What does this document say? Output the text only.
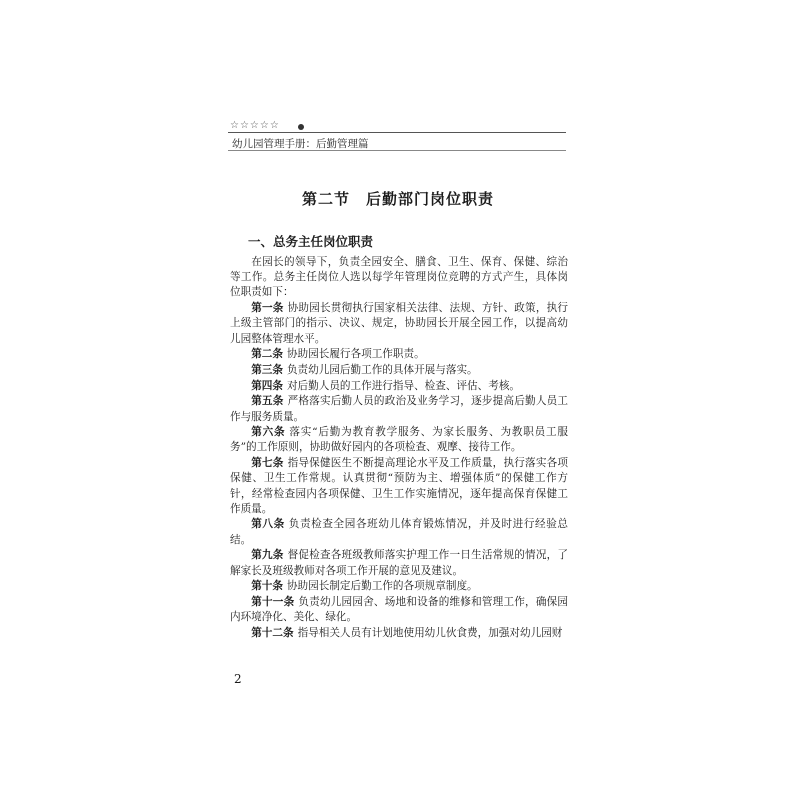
☆☆☆☆☆
幼儿园管理手册：后勤管理篇
第二节　后勤部门岗位职责
一、总务主任岗位职责

在园长的领导下，负责全园安全、膳食、卫生、保育、保健、综治等工作。总务主任岗位人选以每学年管理岗位竞聘的方式产生，具体岗位职责如下：

第一条 协助园长贯彻执行国家相关法律、法规、方针、政策，执行上级主管部门的指示、决议、规定，协助园长开展全园工作，以提高幼儿园整体管理水平。

第二条 协助园长履行各项工作职责。

第三条 负责幼儿园后勤工作的具体开展与落实。

第四条 对后勤人员的工作进行指导、检查、评估、考核。

第五条 严格落实后勤人员的政治及业务学习，逐步提高后勤人员工作与服务质量。

第六条 落实“后勤为教育教学服务、为家长服务、为教职员工服务”的工作原则，协助做好园内的各项检查、观摩、接待工作。

第七条 指导保健医生不断提高理论水平及工作质量，执行落实各项保健、卫生工作常规。认真贯彻“预防为主、增强体质”的保健工作方针，经常检查园内各项保健、卫生工作实施情况，逐年提高保育保健工作质量。

第八条 负责检查全园各班幼儿体育锻炼情况，并及时进行经验总结。

第九条 督促检查各班级教师落实护理工作一日生活常规的情况，了解家长及班级教师对各项工作开展的意见及建议。

第十条 协助园长制定后勤工作的各项规章制度。

第十一条 负责幼儿园园舍、场地和设备的维修和管理工作，确保园内环境净化、美化、绿化。

第十二条 指导相关人员有计划地使用幼儿伙食费，加强对幼儿园财

2
